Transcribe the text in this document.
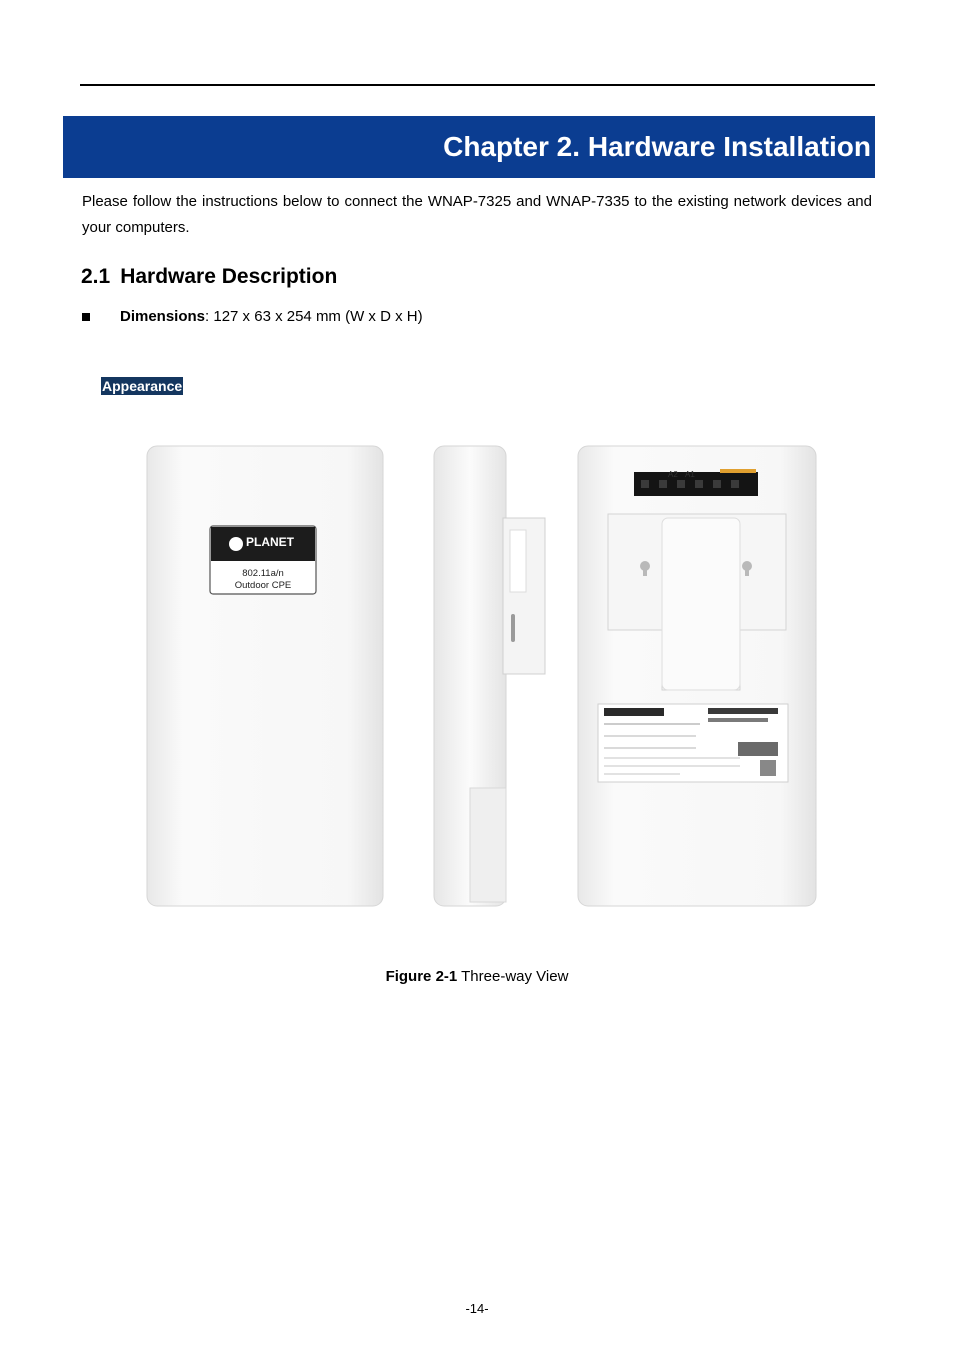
Chapter 2. Hardware Installation
Please follow the instructions below to connect the WNAP-7325 and WNAP-7335 to the existing network devices and your computers.
2.1 Hardware Description
Dimensions: 127 x 63 x 254 mm (W x D x H)
Appearance
PLANET
802.11a/n
Outdoor CPE
A2 A1
Figure 2-1 Three-way View
-14-
